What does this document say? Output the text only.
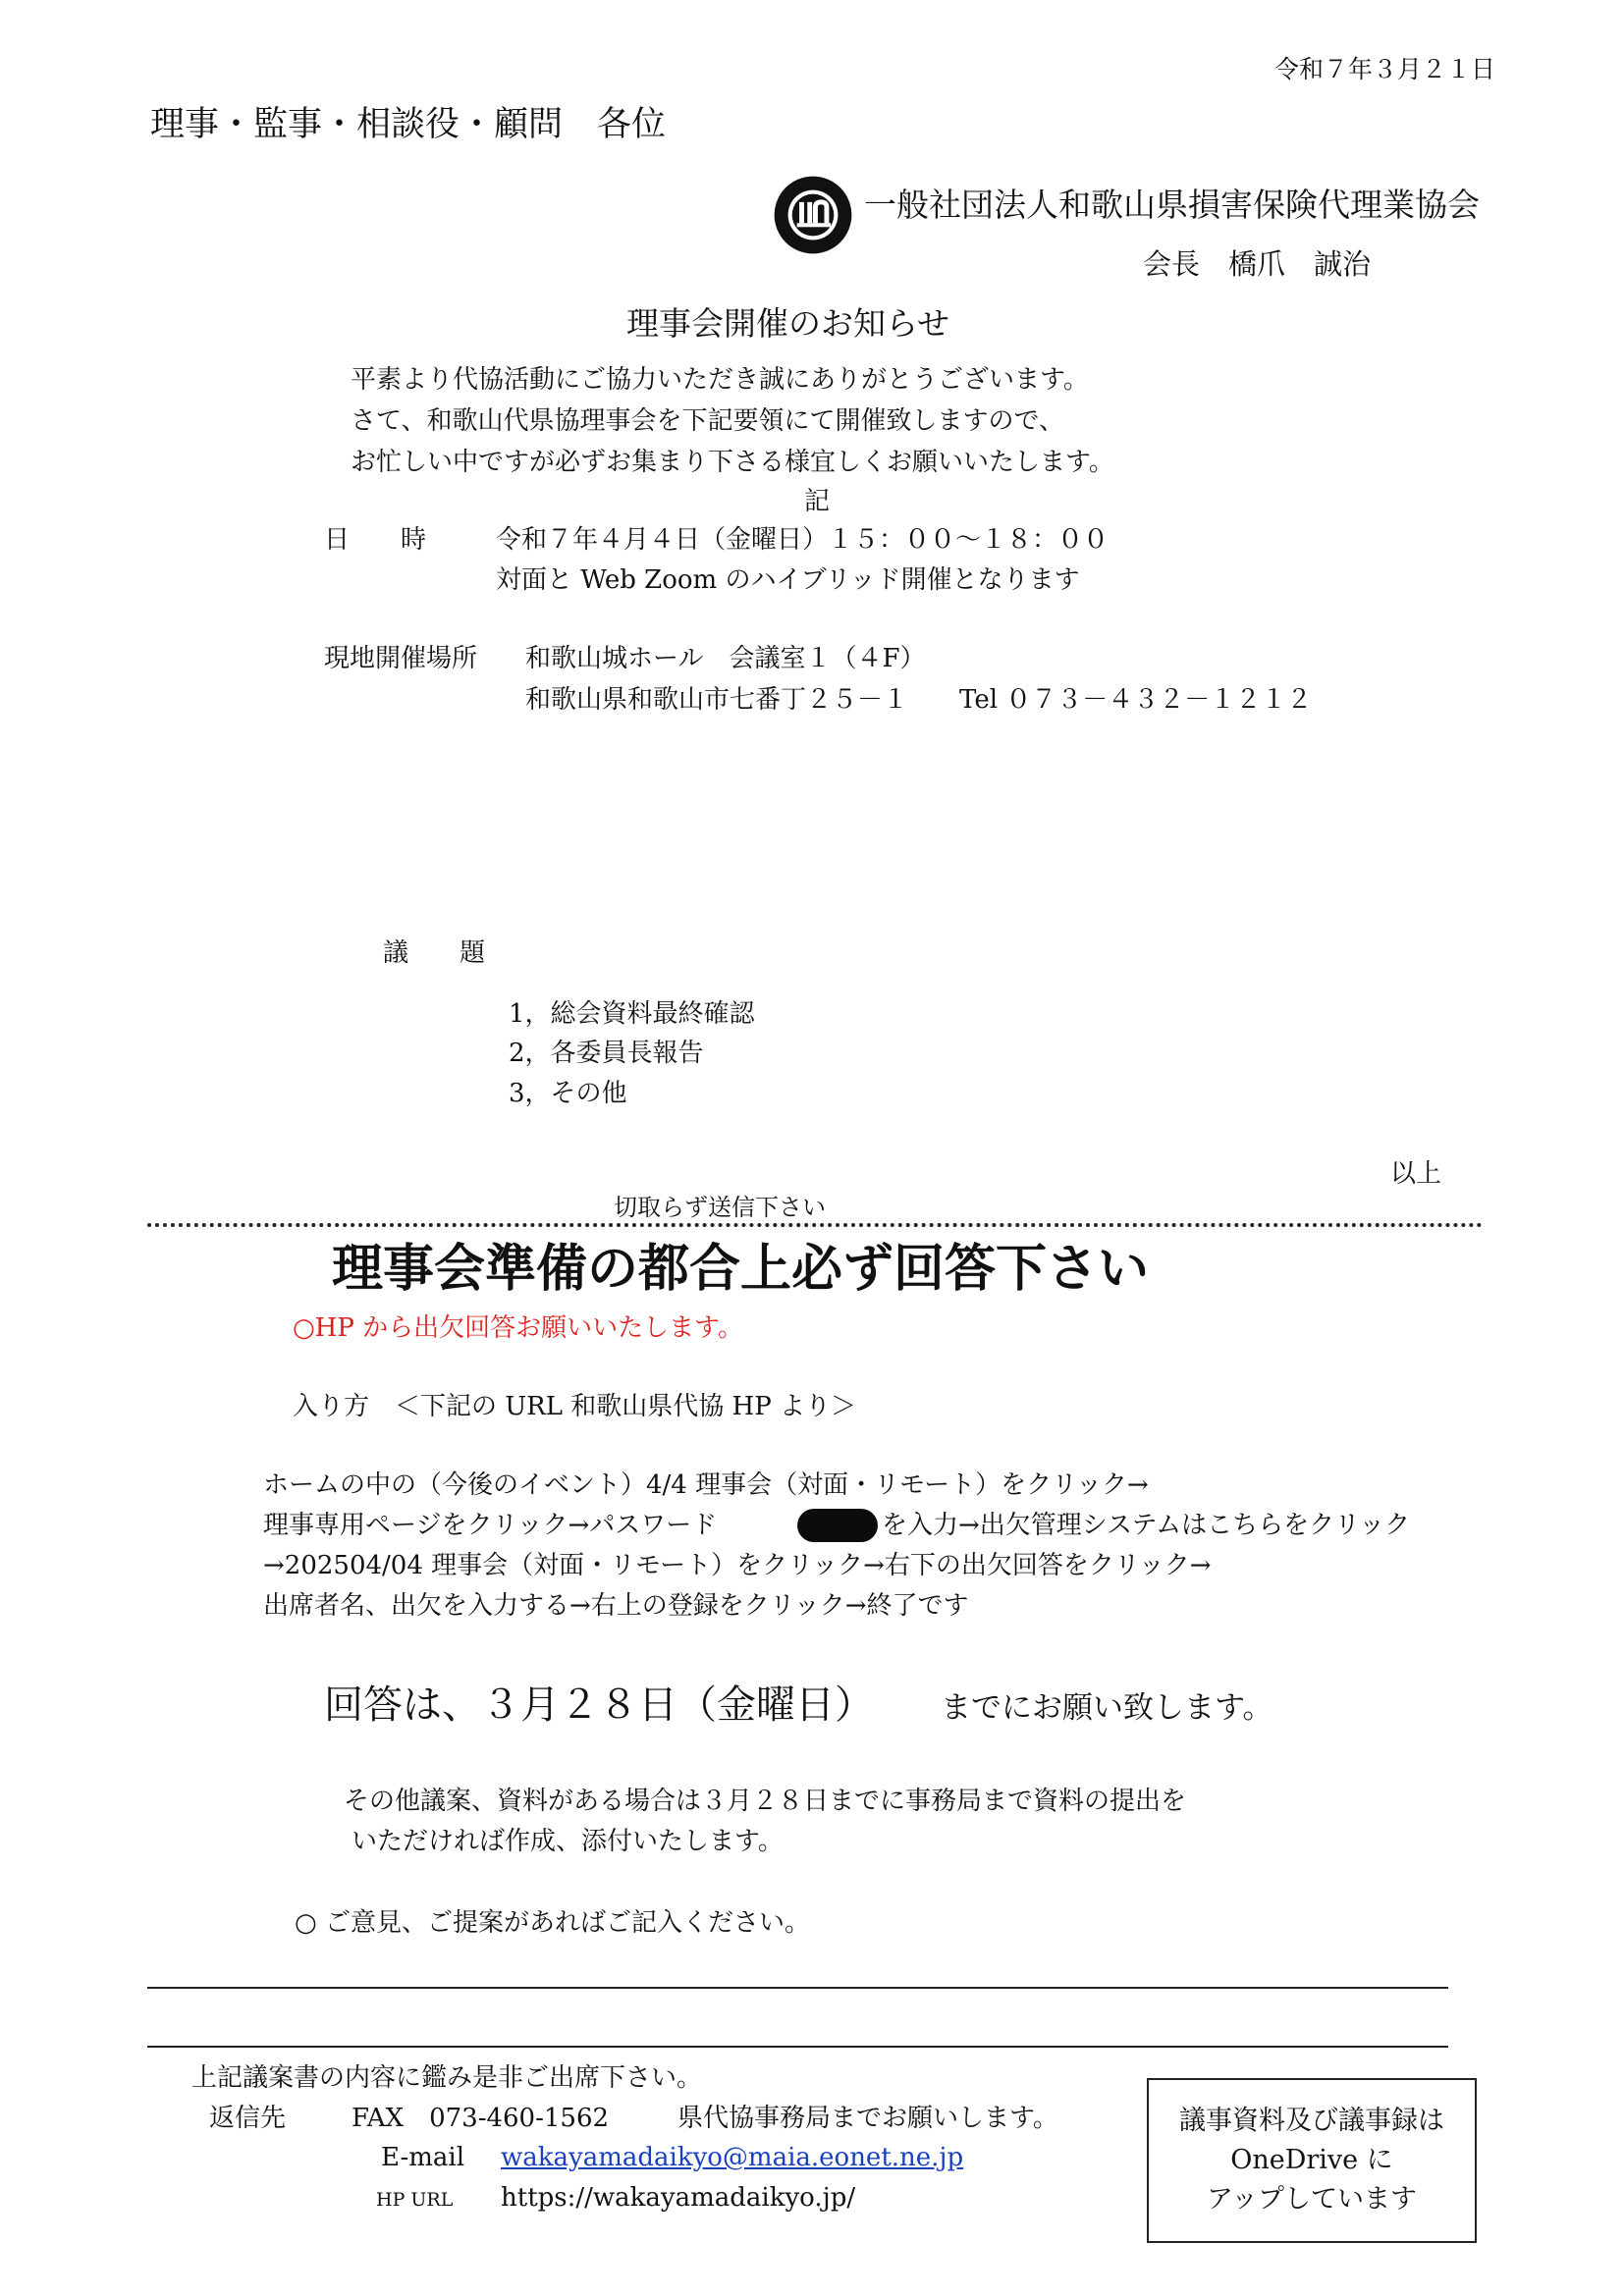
令和７年３月２１日
理事・監事・相談役・顧問　各位
一般社団法人和歌山県損害保険代理業協会
会長　橋爪　誠治
理事会開催のお知らせ
平素より代協活動にご協力いただき誠にありがとうございます。
さて、和歌山代県協理事会を下記要領にて開催致しますので、
お忙しい中ですが必ずお集まり下さる様宜しくお願いいたします。
記
日　　時	令和７年４月４日（金曜日）１５：００～１８：００
対面と Web Zoom のハイブリッド開催となります
現地開催場所 和歌山城ホール　会議室１（４F）
和歌山県和歌山市七番丁２５－１　　Tel ０７３－４３２－１２１２
議　　題
1，総会資料最終確認
2，各委員長報告
3，その他
以上
切取らず送信下さい
理事会準備の都合上必ず回答下さい
○HP から出欠回答お願いいたします。
入り方　＜下記の URL 和歌山県代協 HP より＞
ホームの中の（今後のイベント）4/4 理事会（対面・リモート）をクリック→
理事専用ページをクリック→パスワード	を入力→出欠管理システムはこちらをクリック
→202504/04 理事会（対面・リモート）をクリック→右下の出欠回答をクリック→
出席者名、出欠を入力する→右上の登録をクリック→終了です
回答は、３月２８日（金曜日） までにお願い致します。
その他議案、資料がある場合は３月２８日までに事務局まで資料の提出を
いただければ作成、添付いたします。
○ ご意見、ご提案があればご記入ください。
上記議案書の内容に鑑み是非ご出席下さい。
返信先	FAX　073-460-1562	県代協事務局までお願いします。
E-mail wakayamadaikyo@maia.eonet.ne.jp
HP URL https://wakayamadaikyo.jp/
議事資料及び議事録は
OneDrive に
アップしています
